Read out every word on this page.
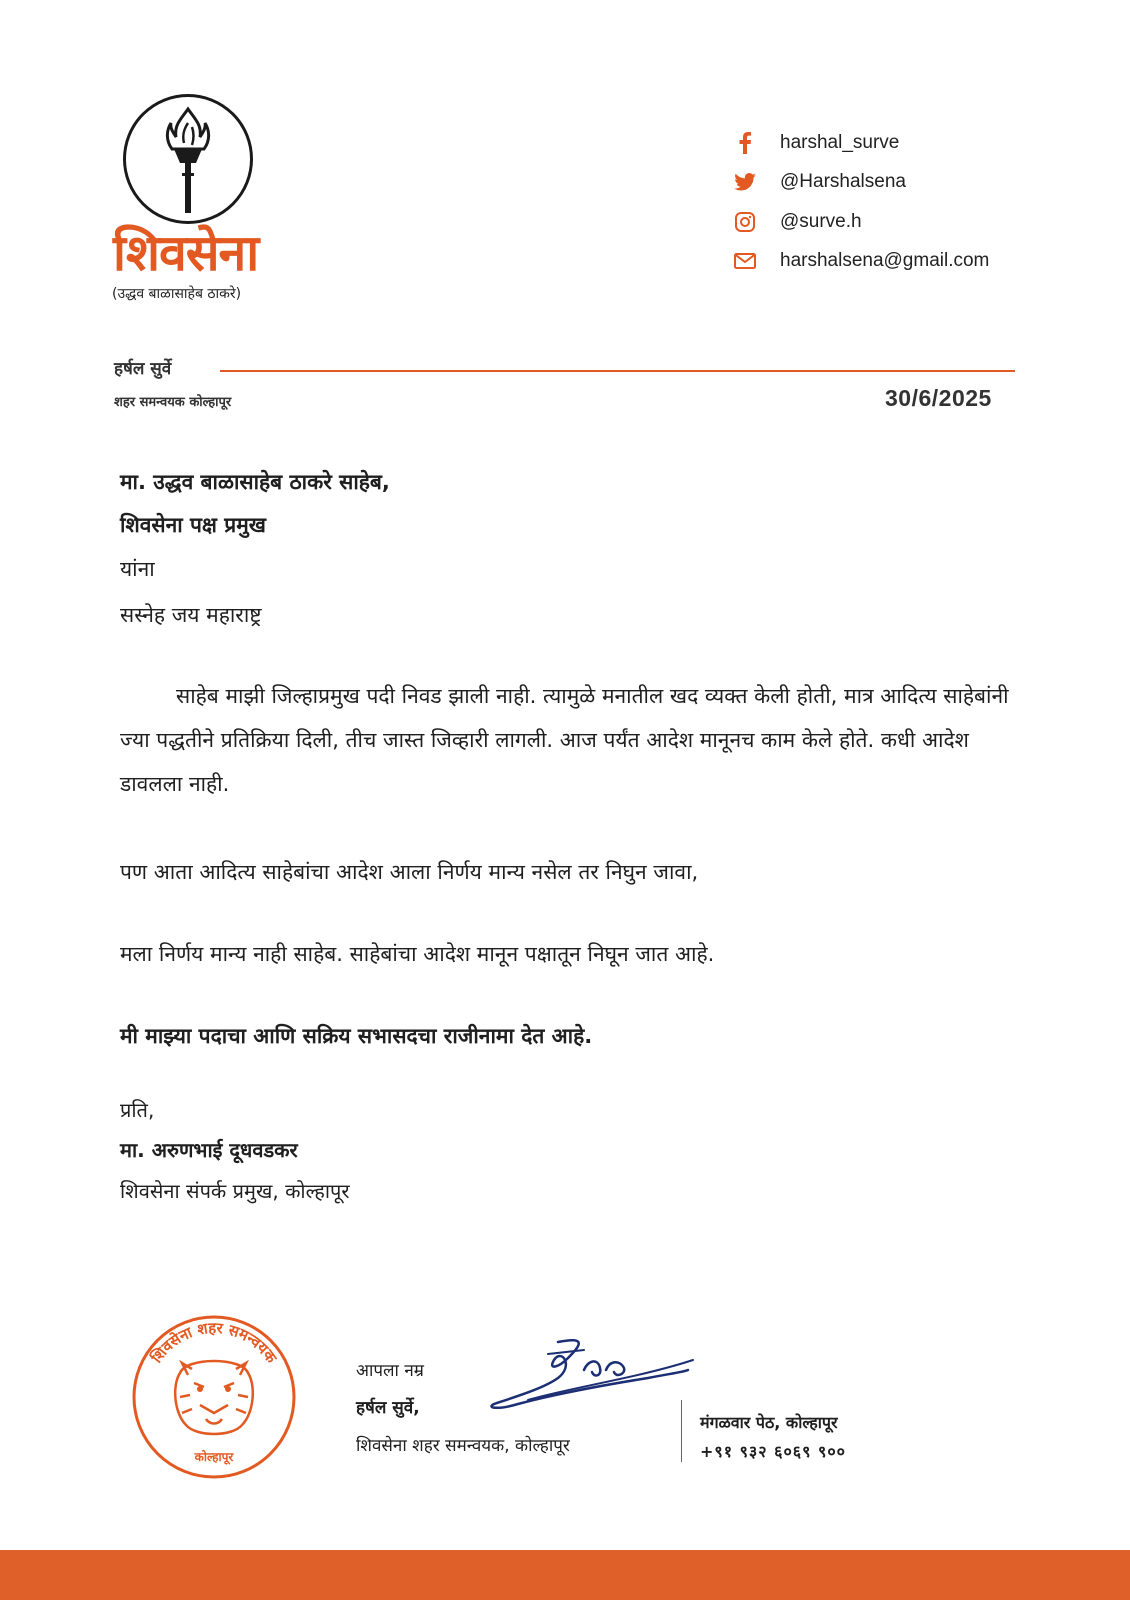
शिवसेना
(उद्धव बाळासाहेब ठाकरे)
harshal_surve
@Harshalsena
@surve.h
harshalsena@gmail.com
हर्षल सुर्वे
शहर समन्वयक कोल्हापूर	30/6/2025
मा. उद्धव बाळासाहेब ठाकरे साहेब,
शिवसेना पक्ष प्रमुख
यांना
सस्नेह जय महाराष्ट्र
साहेब माझी जिल्हाप्रमुख पदी निवड झाली नाही. त्यामुळे मनातील खद व्यक्त केली होती, मात्र आदित्य साहेबांनी ज्या पद्धतीने प्रतिक्रिया दिली, तीच जास्त जिव्हारी लागली. आज पर्यंत आदेश मानूनच काम केले होते. कधी आदेश डावलला नाही.
पण आता आदित्य साहेबांचा आदेश आला निर्णय मान्य नसेल तर निघुन जावा,
मला निर्णय मान्य नाही साहेब. साहेबांचा आदेश मानून पक्षातून निघून जात आहे.
मी माझ्या पदाचा आणि सक्रिय सभासदचा राजीनामा देत आहे.
प्रति,
मा. अरुणभाई दूधवडकर
शिवसेना संपर्क प्रमुख, कोल्हापूर
शिवसेना शहर समन्वयक
कोल्हापूर
आपला नम्र
हर्षल सुर्वे,
शिवसेना शहर समन्वयक, कोल्हापूर
मंगळवार पेठ, कोल्हापूर
+९१ ९३२ ६०६९ ९००
